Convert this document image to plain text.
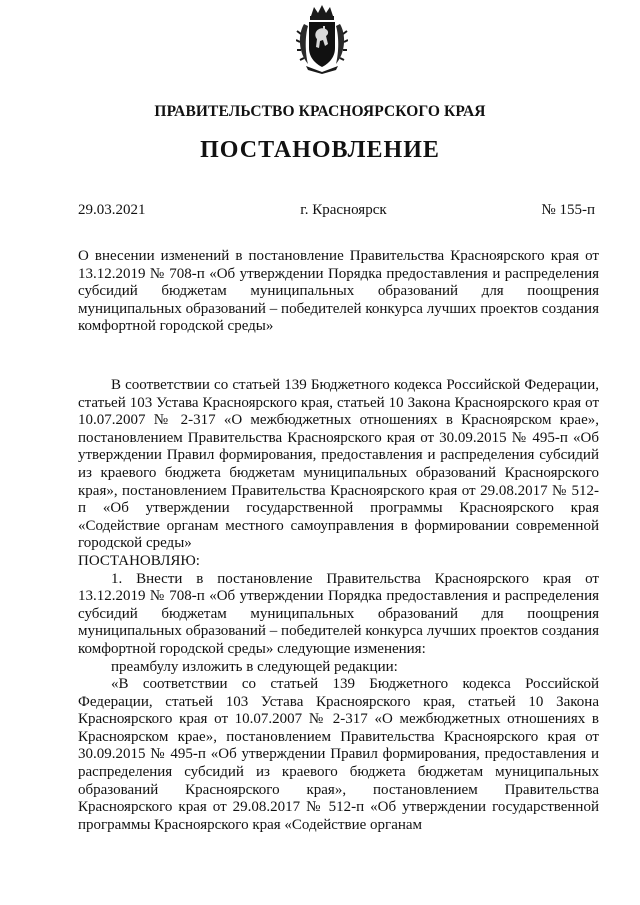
ПРАВИТЕЛЬСТВО КРАСНОЯРСКОГО КРАЯ
ПОСТАНОВЛЕНИЕ
29.03.2021	г. Красноярск	№ 155-п
О внесении изменений в постановление Правительства Красноярского края от 13.12.2019 № 708-п «Об утверждении Порядка предоставления и распределения субсидий бюджетам муниципальных образований для поощрения муниципальных образований – победителей конкурса лучших проектов создания комфортной городской среды»

В соответствии со статьей 139 Бюджетного кодекса Российской Федерации, статьей 103 Устава Красноярского края, статьей 10 Закона Красноярского края от 10.07.2007 № 2-317 «О межбюджетных отношениях в Красноярском крае», постановлением Правительства Красноярского края от 30.09.2015 № 495-п «Об утверждении Правил формирования, предоставления и распределения субсидий из краевого бюджета бюджетам муниципальных образований Красноярского края», постановлением Правительства Красноярского края от 29.08.2017 № 512-п «Об утверждении государственной программы Красноярского края «Содействие органам местного самоуправления в формировании современной городской среды»

ПОСТАНОВЛЯЮ:

1. Внести в постановление Правительства Красноярского края от 13.12.2019 № 708-п «Об утверждении Порядка предоставления и распределения субсидий бюджетам муниципальных образований для поощрения муниципальных образований – победителей конкурса лучших проектов создания комфортной городской среды» следующие изменения:

преамбулу изложить в следующей редакции:

«В соответствии со статьей 139 Бюджетного кодекса Российской Федерации, статьей 103 Устава Красноярского края, статьей 10 Закона Красноярского края от 10.07.2007 № 2-317 «О межбюджетных отношениях в Красноярском крае», постановлением Правительства Красноярского края от 30.09.2015 № 495-п «Об утверждении Правил формирования, предоставления и распределения субсидий из краевого бюджета бюджетам муниципальных образований Красноярского края», постановлением Правительства Красноярского края от 29.08.2017 № 512-п «Об утверждении государственной программы Красноярского края «Содействие органам
